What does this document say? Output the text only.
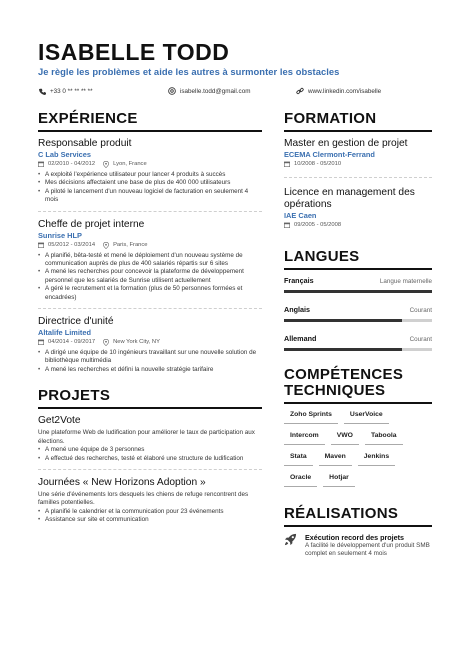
ISABELLE TODD
Je règle les problèmes et aide les autres à surmonter les obstacles
+33 0 ** ** ** **	isabelle.todd@gmail.com	www.linkedin.com/isabelle
EXPÉRIENCE
Responsable produit
C Lab Services
02/2010 - 04/2012	Lyon, France
• A exploité l'expérience utilisateur pour lancer 4 produits à succès
• Mes décisions affectaient une base de plus de 400 000 utilisateurs
• A piloté le lancement d'un nouveau logiciel de facturation en seulement 4 mois
Cheffe de projet interne
Sunrise HLP
05/2012 - 03/2014	Paris, France
• A planifié, bêta-testé et mené le déploiement d'un nouveau système de communication auprès de plus de 400 salariés répartis sur 6 sites
• A mené les recherches pour concevoir la plateforme de développement personnel que les salariés de Sunrise utilisent actuellement
• A géré le recrutement et la formation (plus de 50 personnes formées et encadrées)
Directrice d'unité
Altalife Limited
04/2014 - 09/2017	New York City, NY
• A dirigé une équipe de 10 ingénieurs travaillant sur une nouvelle solution de bibliothèque multimédia
• A mené les recherches et défini la nouvelle stratégie tarifaire
PROJETS
Get2Vote
Une plateforme Web de ludification pour améliorer le taux de participation aux élections.
• A mené une équipe de 3 personnes
• A effectué des recherches, testé et élaboré une structure de ludification
Journées « New Horizons Adoption »
Une série d'événements lors desquels les chiens de refuge rencontrent des familles potentielles.
• A planifié le calendrier et la communication pour 23 événements
• Assistance sur site et communication
FORMATION
Master en gestion de projet
ECEMA Clermont-Ferrand
10/2008 - 05/2010
Licence en management des opérations
IAE Caen
09/2005 - 05/2008
LANGUES
Français	Langue maternelle
Anglais	Courant
Allemand	Courant
COMPÉTENCES
TECHNIQUES
Zoho Sprints	UserVoice
Intercom	VWO	Taboola
Stata	Maven	Jenkins
Oracle	Hotjar
RÉALISATIONS
Exécution record des projets
A facilité le développement d'un produit SMB complet en seulement 4 mois
